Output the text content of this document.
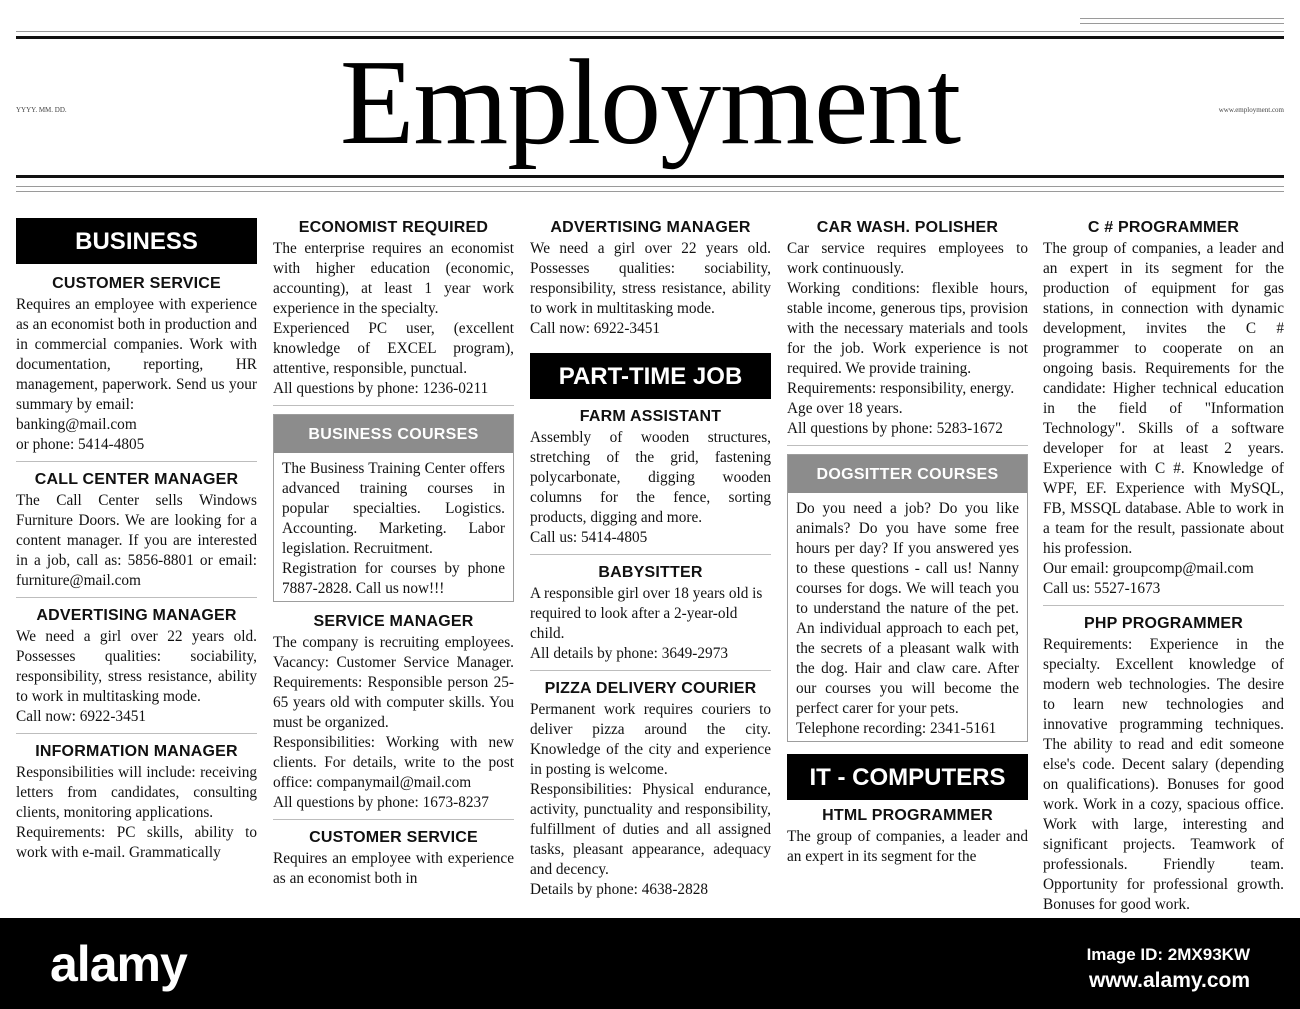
Employment
YYYY. MM. DD.	www.employment.com
BUSINESS
CUSTOMER SERVICE

Requires an employee with experience as an economist both in production and in commercial companies. Work with documentation, reporting, HR management, paperwork. Send us your summary by email:

banking@mail.com

or phone: 5414-4805

CALL CENTER MANAGER

The Call Center sells Windows Furniture Doors. We are looking for a content manager. If you are interested in a job, call as: 5856-8801 or email: furniture@mail.com

ADVERTISING MANAGER

We need a girl over 22 years old. Possesses qualities: sociability, responsibility, stress resistance, ability to work in multitasking mode.

Call now: 6922-3451

INFORMATION MANAGER

Responsibilities will include: receiving letters from candidates, consulting clients, monitoring applications.

Requirements: PC skills, ability to work with e-mail. Grammatically

ECONOMIST REQUIRED

The enterprise requires an economist with higher education (economic, accounting), at least 1 year work experience in the specialty.

Experienced PC user, (excellent knowledge of EXCEL program), attentive, responsible, punctual.

All questions by phone: 1236-0211

BUSINESS COURSES

The Business Training Center offers advanced training courses in popular specialties. Logistics. Accounting. Marketing. Labor legislation. Recruitment.

Registration for courses by phone 7887-2828. Call us now!!!

SERVICE MANAGER

The company is recruiting employees. Vacancy: Customer Service Manager. Requirements: Responsible person 25-65 years old with computer skills. You must be organized.

Responsibilities: Working with new clients. For details, write to the post office: companymail@mail.com

All questions by phone: 1673-8237

CUSTOMER SERVICE

Requires an employee with experience as an economist both in

ADVERTISING MANAGER

We need a girl over 22 years old. Possesses qualities: sociability, responsibility, stress resistance, ability to work in multitasking mode.

Call now: 6922-3451

PART-TIME JOB
FARM ASSISTANT

Assembly of wooden structures, stretching of the grid, fastening polycarbonate, digging wooden columns for the fence, sorting products, digging and more.

Call us: 5414-4805

BABYSITTER

A responsible girl over 18 years old is required to look after a 2-year-old child.

All details by phone: 3649-2973

PIZZA DELIVERY COURIER

Permanent work requires couriers to deliver pizza around the city. Knowledge of the city and experience in posting is welcome.

Responsibilities: Physical endurance, activity, punctuality and responsibility, fulfillment of duties and all assigned tasks, pleasant appearance, adequacy and decency.

Details by phone: 4638-2828

CAR WASH. POLISHER

Car service requires employees to work continuously.

Working conditions: flexible hours, stable income, generous tips, provision with the necessary materials and tools for the job. Work experience is not required. We provide training.

Requirements: responsibility, energy. Age over 18 years.

All questions by phone: 5283-1672

DOGSITTER COURSES

Do you need a job? Do you like animals? Do you have some free hours per day? If you answered yes to these questions - call us! Nanny courses for dogs. We will teach you to understand the nature of the pet. An individual approach to each pet, the secrets of a pleasant walk with the dog. Hair and claw care. After our courses you will become the perfect carer for your pets.

Telephone recording: 2341-5161

IT - COMPUTERS
HTML PROGRAMMER

The group of companies, a leader and an expert in its segment for the

C # PROGRAMMER

The group of companies, a leader and an expert in its segment for the production of equipment for gas stations, in connection with dynamic development, invites the C # programmer to cooperate on an ongoing basis. Requirements for the candidate: Higher technical education in the field of "Information Technology". Skills of a software developer for at least 2 years. Experience with C #. Knowledge of WPF, EF. Experience with MySQL, FB, MSSQL database. Able to work in a team for the result, passionate about his profession.

Our email: groupcomp@mail.com

Call us: 5527-1673

PHP PROGRAMMER

Requirements: Experience in the specialty. Excellent knowledge of modern web technologies. The desire to learn new technologies and innovative programming techniques. The ability to read and edit someone else's code. Decent salary (depending on qualifications). Bonuses for good work. Work in a cozy, spacious office. Work with large, interesting and significant projects. Teamwork of professionals. Friendly team. Opportunity for professional growth. Bonuses for good work.

alamy	Image ID: 2MX93KW
www.alamy.com
